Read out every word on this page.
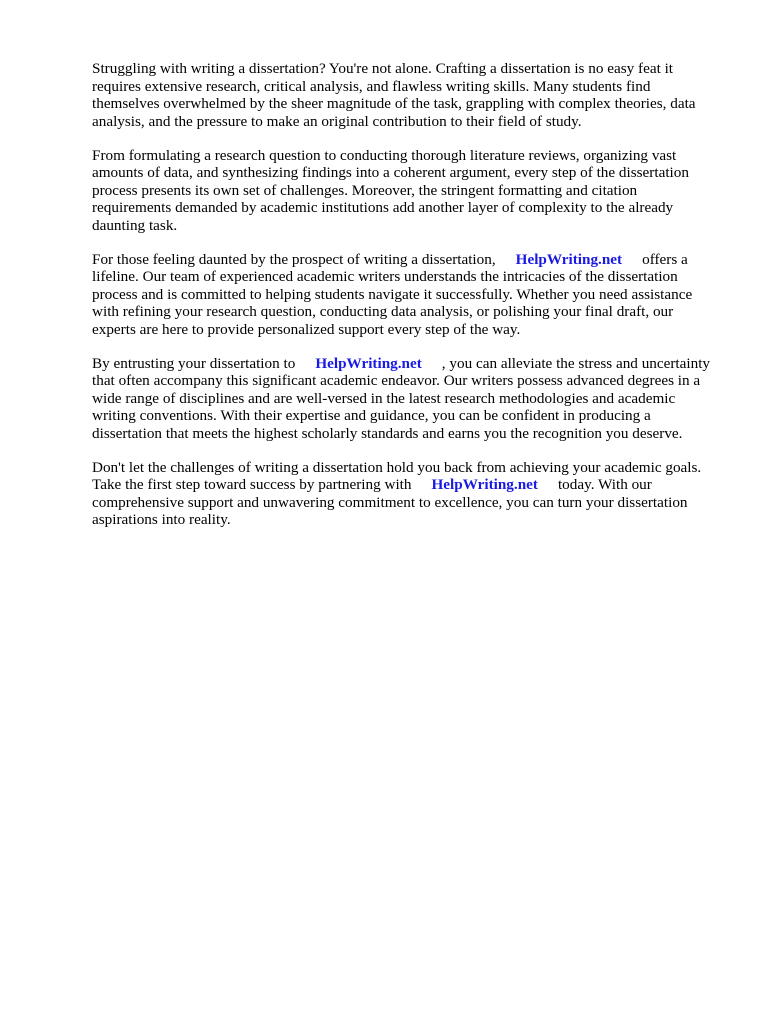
Struggling with writing a dissertation? You're not alone. Crafting a dissertation is no easy feat it requires extensive research, critical analysis, and flawless writing skills. Many students find themselves overwhelmed by the sheer magnitude of the task, grappling with complex theories, data analysis, and the pressure to make an original contribution to their field of study.

From formulating a research question to conducting thorough literature reviews, organizing vast amounts of data, and synthesizing findings into a coherent argument, every step of the dissertation process presents its own set of challenges. Moreover, the stringent formatting and citation requirements demanded by academic institutions add another layer of complexity to the already daunting task.

For those feeling daunted by the prospect of writing a dissertation, HelpWriting.net offers a lifeline. Our team of experienced academic writers understands the intricacies of the dissertation process and is committed to helping students navigate it successfully. Whether you need assistance with refining your research question, conducting data analysis, or polishing your final draft, our experts are here to provide personalized support every step of the way.

By entrusting your dissertation to HelpWriting.net , you can alleviate the stress and uncertainty that often accompany this significant academic endeavor. Our writers possess advanced degrees in a wide range of disciplines and are well-versed in the latest research methodologies and academic writing conventions. With their expertise and guidance, you can be confident in producing a dissertation that meets the highest scholarly standards and earns you the recognition you deserve.

Don't let the challenges of writing a dissertation hold you back from achieving your academic goals. Take the first step toward success by partnering with HelpWriting.net today. With our comprehensive support and unwavering commitment to excellence, you can turn your dissertation aspirations into reality.
